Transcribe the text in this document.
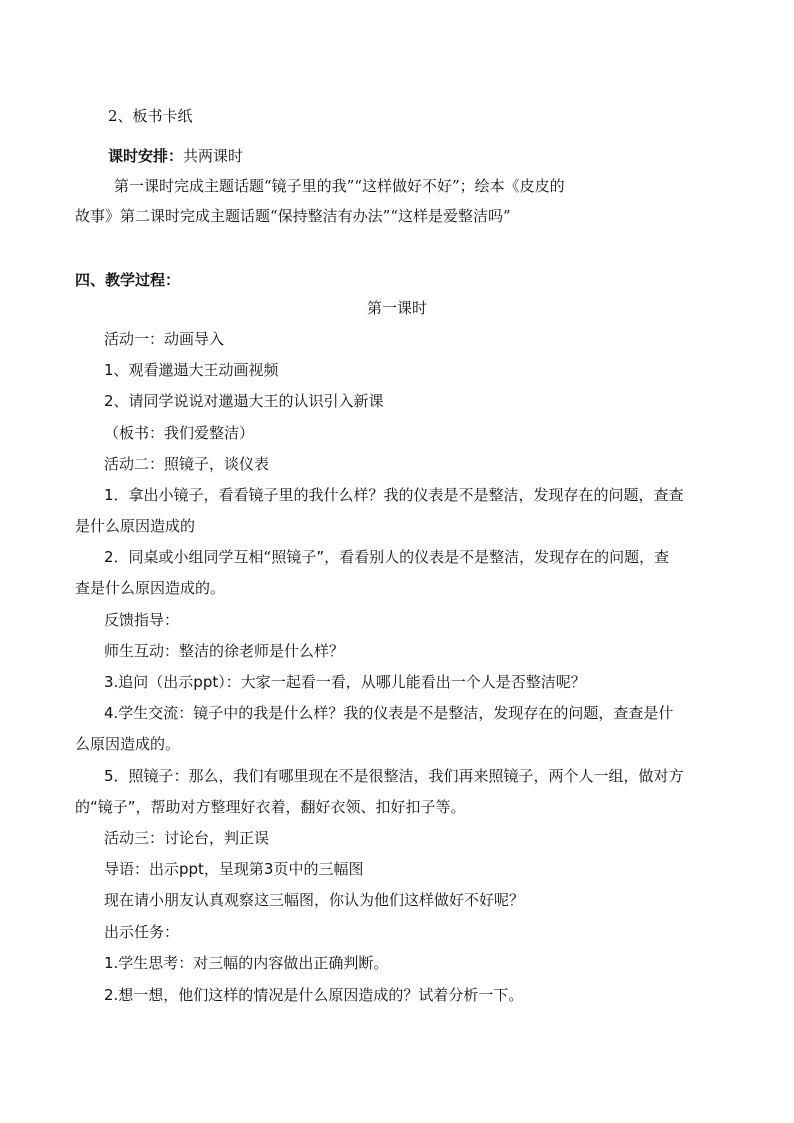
2、板书卡纸
课时安排：共两课时
第一课时完成主题话题“镜子里的我”“这样做好不好”；绘本《皮皮的
故事》第二课时完成主题话题“保持整洁有办法”“这样是爱整洁吗”
四、教学过程：
第一课时
活动一：动画导入
1、观看邋遢大王动画视频
2、请同学说说对邋遢大王的认识引入新课
（板书：我们爱整洁）
活动二：照镜子，谈仪表
1．拿出小镜子，看看镜子里的我什么样？我的仪表是不是整洁，发现存在的问题，查查
是什么原因造成的
2．同桌或小组同学互相“照镜子”，看看别人的仪表是不是整洁，发现存在的问题，查
查是什么原因造成的。
反馈指导：
师生互动：整洁的徐老师是什么样？
3.追问（出示ppt）：大家一起看一看，从哪儿能看出一个人是否整洁呢？
4.学生交流：镜子中的我是什么样？我的仪表是不是整洁，发现存在的问题，查查是什
么原因造成的。
5．照镜子：那么，我们有哪里现在不是很整洁，我们再来照镜子，两个人一组，做对方
的“镜子”，帮助对方整理好衣着，翻好衣领、扣好扣子等。
活动三：讨论台，判正误
导语：出示ppt，呈现第3页中的三幅图
现在请小朋友认真观察这三幅图，你认为他们这样做好不好呢？
出示任务：
1.学生思考：对三幅的内容做出正确判断。
2.想一想，他们这样的情况是什么原因造成的？试着分析一下。
